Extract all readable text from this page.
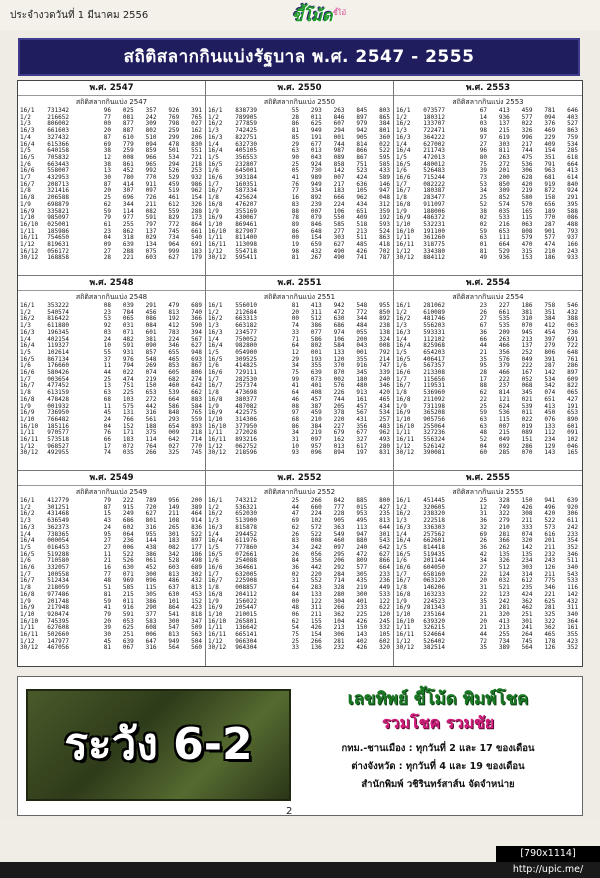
ประจำงวดวันที่ 1 มีนาคม 2556	ขี้โม้ด ขี้โม้
สถิติสลากกินแบ่งรัฐบาล พ.ศ. 2547 - 2555
พ.ศ. 2547
สถิติสลากกินแบ่ง 2547
16/1	731342	96	025	357	926	391
1/2	216652	77	081	242	769	765
1/3	806002	00	877	309	798	027
16/3	661603	20	887	802	259	162
1/4	327432	87	610	510	299	206
16/4	615366	69	779	094	478	830
1/5	640158	38	259	859	501	551
16/5	705832	12	008	966	534	721
1/6	663443	38	861	965	294	218
16/6	558007	13	452	992	526	253
1/7	432953	30	780	770	529	932
16/7	208713	87	414	911	459	986
1/8	321416	20	307	097	519	962
16/8	206588	25	696	726	461	154
1/9	698879	62	344	211	612	326
16/9	335821	59	114	082	559	288
1/10	985097	79	977	591	829	173
16/10	025001	61	255	797	772	864
1/11	185986	23	862	137	745	661
16/11	754650	04	318	029	734	540
1/12	819631	09	639	134	964	691
16/12	056172	27	288	075	999	183
30/12	168858	28	221	603	627	179
พ.ศ. 2550
สถิติสลากกินแบ่ง 2550
16/1	838739	55	293	263	845	803
1/2	789905	28	011	846	897	865
16/2	277859	86	625	607	979	384
1/3	742425	81	949	294	942	801
16/3	822751	85	191	001	905	360
1/4	632730	29	677	744	814	022
16/4	405105	63	013	987	866	522
1/5	356553	90	043	089	867	595
16/5	232807	25	924	858	751	585
1/6	645001	05	730	142	523	433
16/6	393184	41	989	007	424	589
1/7	160351	76	949	217	636	146
16/7	587334	77	334	183	105	947
1/8	425624	16	892	666	962	048
16/8	476207	83	239	224	434	312
1/9	355169	88	007	106	651	359
16/9	430067	78	079	550	409	192
1/10	869461	89	846	585	518	593
16/10	827907	86	648	277	213	524
1/11	811400	00	154	303	511	863
16/11	113098	19	659	627	485	418
1/12	554718	98	432	490	426	702
30/12	595411	81	267	490	741	787
พ.ศ. 2553
สถิติสลากกินแบ่ง 2553
16/1	073577	67	413	459	781	646
1/2	180312	14	936	577	094	403
16/2	133707	03	137	022	376	527
1/3	722471	98	215	326	469	863
16/3	364222	97	619	996	229	759
1/4	627002	27	303	217	409	534
16/4	211743	96	811	744	154	285
1/5	472013	80	263	475	351	618
16/5	480012	75	272	536	791	664
1/6	526483	39	201	306	963	413
16/6	715244	73	200	628	681	614
1/7	082222	53	850	420	919	840
16/7	180387	34	309	219	872	924
1/8	283477	25	852	580	158	291
16/8	911097	52	574	570	656	395
1/9	188006	38	035	165	189	588
16/9	486372	02	533	115	770	086
1/10	532231	02	216	063	287	488
16/10	191100	59	653	808	901	793
1/11	361260	63	111	579	577	937
16/11	318775	01	664	470	474	166
1/12	334380	81	529	315	210	243
30/12	884112	49	936	153	186	933
พ.ศ. 2548
สถิติสลากกินแบ่ง 2548
16/1	353222	08	039	291	479	689
1/2	540574	23	784	456	813	740
16/2	816422	53	065	086	192	366
1/3	611880	92	031	084	412	590
16/3	196345	03	071	601	783	394
1/4	402154	24	482	381	224	567
16/4	119327	10	591	090	346	627
1/5	102614	55	931	857	655	948
16/5	867134	37	976	548	465	693
1/6	176660	11	794	269	853	867
16/6	580426	44	022	074	605	806
1/7	003654	25	474	219	682	274
16/7	477452	13	751	150	460	642
1/8	613159	63	225	653	539	662
16/8	478428	68	103	272	664	883
1/9	001932	11	575	442	586	584
16/9	736950	45	131	316	848	765
1/10	766482	24	766	561	293	559
16/10	185116	04	152	188	654	893
1/11	970577	76	171	375	009	218
16/11	573518	66	183	114	642	714
1/12	968527	17	072	764	027	770
30/12	492955	74	035	266	325	745
พ.ศ. 2551
สถิติสลากกินแบ่ง 2551
16/1	556010	81	413	942	548	955
1/2	212684	20	311	472	772	850
16/2	663313	00	512	630	344	892
1/3	663182	74	386	686	484	238
16/3	234577	33	077	974	055	138
1/4	750052	71	586	106	200	324
16/4	982800	64	802	584	043	008
1/5	054900	12	001	133	001	792
16/5	309525	29	193	120	355	214
1/6	414825	34	355	370	916	747
16/6	729111	75	639	870	345	339
1/7	282530	99	073	002	180	240
16/7	257374	41	401	576	480	346
1/8	473698	64	408	226	913	420
16/8	380377	46	457	744	161	465
1/9	487082	08	387	205	457	434
16/9	422575	97	459	378	567	534
1/10	314306	68	210	220	431	257
16/10	377950	86	384	227	356	483
1/11	272028	34	219	679	677	962
16/11	893216	31	097	162	327	493
1/12	062752	10	957	013	617	280
30/12	218596	93	096	894	197	831
พ.ศ. 2554
สถิติสลากกินแบ่ง 2554
16/1	281062	23	227	186	758	546
1/2	610089	26	661	381	351	432
16/2	481746	27	535	310	384	388
1/3	556203	67	535	070	412	063
16/3	593331	36	209	945	454	736
1/4	112102	66	263	213	397	691
16/4	825968	44	466	137	279	722
1/5	654203	21	356	252	806	648
16/5	406417	35	576	049	391	761
1/6	567357	95	379	222	287	286
16/6	213308	28	466	167	142	897
1/7	115656	17	222	052	534	609
16/7	119531	88	237	068	342	822
1/8	536960	62	814	345	074	065
16/8	211092	22	121	021	651	427
1/9	731198	25	624	539	413	191
16/9	365208	59	536	011	450	653
1/10	905756	63	115	022	076	890
16/10	255064	63	007	019	133	601
1/11	327236	48	215	089	112	091
16/11	556324	52	049	151	234	102
1/12	526142	04	092	286	129	046
30/12	390081	60	285	070	143	165
พ.ศ. 2549
สถิติสลากกินแบ่ง 2549
16/1	412779	79	222	789	956	200
1/2	301251	87	915	720	149	389
16/2	431468	15	249	627	211	464
1/3	636549	43	686	801	108	914
16/3	362373	24	602	316	265	836
1/4	738365	95	064	955	301	522
16/4	000054	27	236	144	183	897
1/5	016453	27	006	438	082	177
16/5	519288	11	522	386	342	186
1/6	710580	21	526	061	528	498
16/6	332057	16	630	452	603	689
1/7	100558	77	071	300	813	302
16/7	512434	48	969	096	486	432
1/8	218059	51	585	115	637	813
16/8	977486	81	215	305	630	453
1/9	201748	59	011	386	101	152
16/9	217948	41	916	290	864	423
1/10	920474	79	591	377	541	818
16/10	745395	20	053	583	300	347
1/11	627608	39	625	608	547	509
16/11	502660	30	251	006	813	563
1/12	147977	45	639	647	949	504
30/12	467056	81	067	316	564	560
พ.ศ. 2552
สถิติสลากกินแบ่ง 2552
16/1	743212	25	266	842	885	800
1/2	536321	44	660	777	015	427
16/2	652030	47	224	228	953	235
1/3	513900	69	102	905	495	813
16/3	815878	62	572	363	113	644
1/4	294452	26	522	549	947	301
16/4	611976	83	008	460	880	543
1/5	777860	34	242	097	240	642
16/5	072661	26	056	295	472	627
1/6	254088	84	356	206	809	866
16/6	364661	36	442	292	577	664
1/7	632005	02	220	284	305	233
16/7	225908	31	552	714	435	236
1/8	008857	64	283	328	219	449
16/8	204112	84	133	280	300	533
1/9	156022	00	122	304	401	122
16/9	205447	48	311	266	233	622
1/10	210015	06	211	362	225	120
16/10	265801	62	155	104	426	245
1/11	136642	54	426	213	150	332
16/11	665141	75	154	306	143	105
1/12	966304	25	266	281	402	602
30/12	964304	33	136	232	426	320
พ.ศ. 2555
สถิติสลากกินแบ่ง 2555
16/1	451445	25	328	150	941	639
1/2	320605	12	749	426	496	920
16/2	238320	31	322	308	420	306
1/3	222518	36	279	211	522	611
16/3	336303	32	210	333	573	242
1/4	257562	69	281	074	616	233
16/4	662601	26	366	320	201	354
1/5	814418	36	262	142	211	352
16/5	519435	42	135	135	232	346
1/6	201144	34	326	234	243	511
16/6	604050	27	512	303	126	340
1/7	658160	22	124	314	211	543
16/7	063120	20	032	612	775	533
1/8	146206	31	521	235	346	116
16/8	163233	22	123	424	221	142
1/9	224523	35	242	362	625	432
16/9	281343	31	281	462	281	311
1/10	235164	21	320	251	325	340
16/10	639320	20	413	301	322	364
1/11	326215	21	213	241	362	161
16/11	524664	44	255	264	465	355
1/12	526402	72	734	745	178	423
30/12	382514	35	389	564	126	352
ระวัง 6-2
เลขทิพย์ ขี้โม้ด พิมพ์โชค
รวมโชค รวมชัย
กทม.-ชานเมือง : ทุกวันที่ 2 และ 17 ของเดือน
ต่างจังหวัด : ทุกวันที่ 4 และ 19 ของเดือน
สำนักพิมพ์ วชิรินทร์สาส์น จัดจำหน่าย
2
[790x1114] http://upic.me/
